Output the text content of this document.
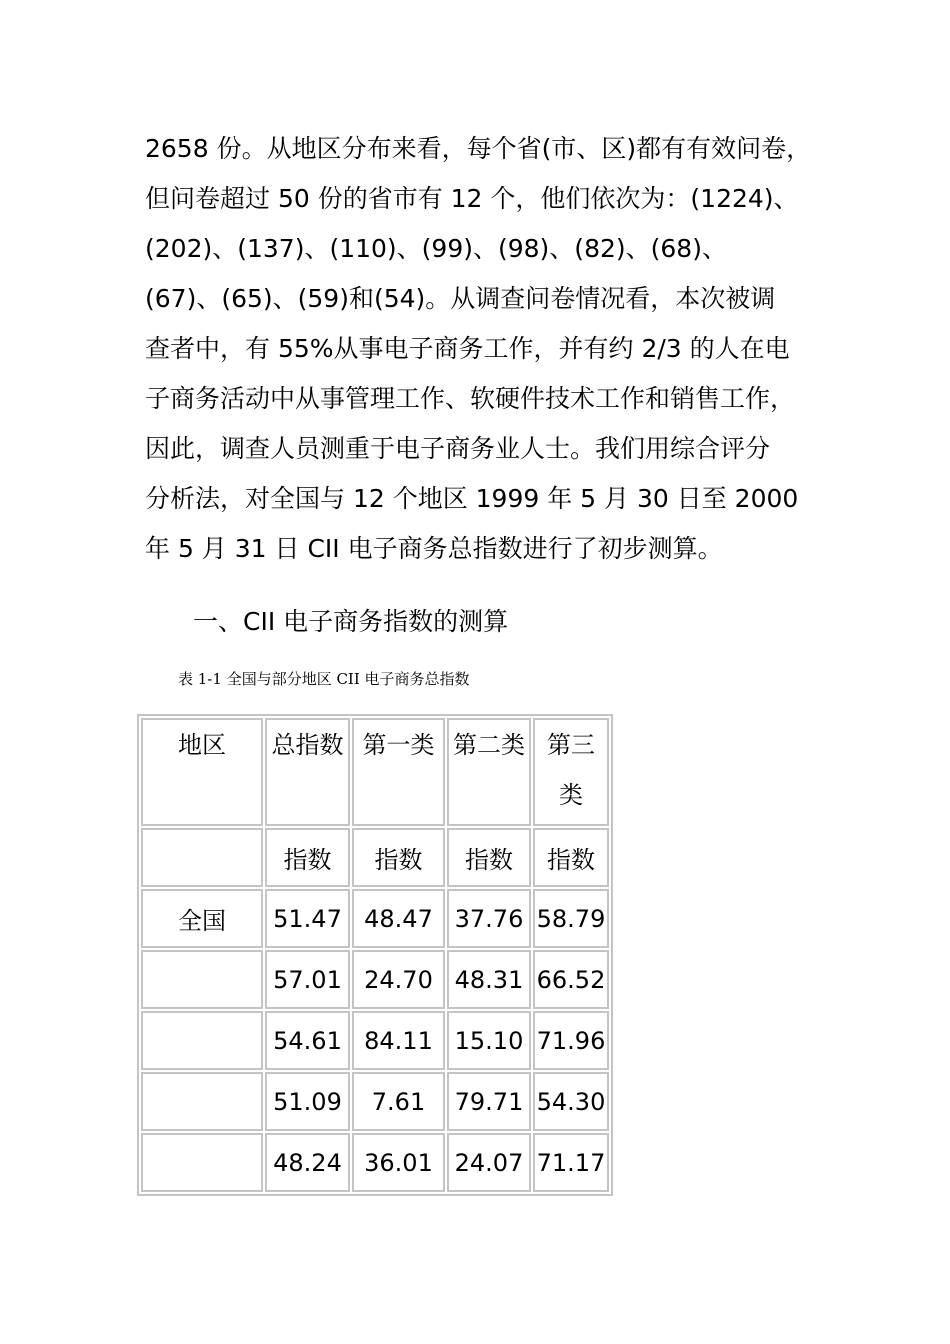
2658 份。从地区分布来看，每个省(市、区)都有有效问卷，
但问卷超过 50 份的省市有 12 个，他们依次为：(1224)、
(202)、(137)、(110)、(99)、(98)、(82)、(68)、
(67)、(65)、(59)和(54)。从调查问卷情况看，本次被调
查者中，有 55%从事电子商务工作，并有约 2/3 的人在电
子商务活动中从事管理工作、软硬件技术工作和销售工作，
因此，调查人员测重于电子商务业人士。我们用综合评分
分析法，对全国与 12 个地区 1999 年 5 月 30 日至 2000
年 5 月 31 日 CII 电子商务总指数进行了初步测算。
一、CII 电子商务指数的测算
表 1-1 全国与部分地区 CII 电子商务总指数
地区	总指数	第一类	第二类	第三
类

	指数	指数	指数	指数
全国	51.47	48.47	37.76	58.79
	57.01	24.70	48.31	66.52
	54.61	84.11	15.10	71.96
	51.09	7.61	79.71	54.30
	48.24	36.01	24.07	71.17
